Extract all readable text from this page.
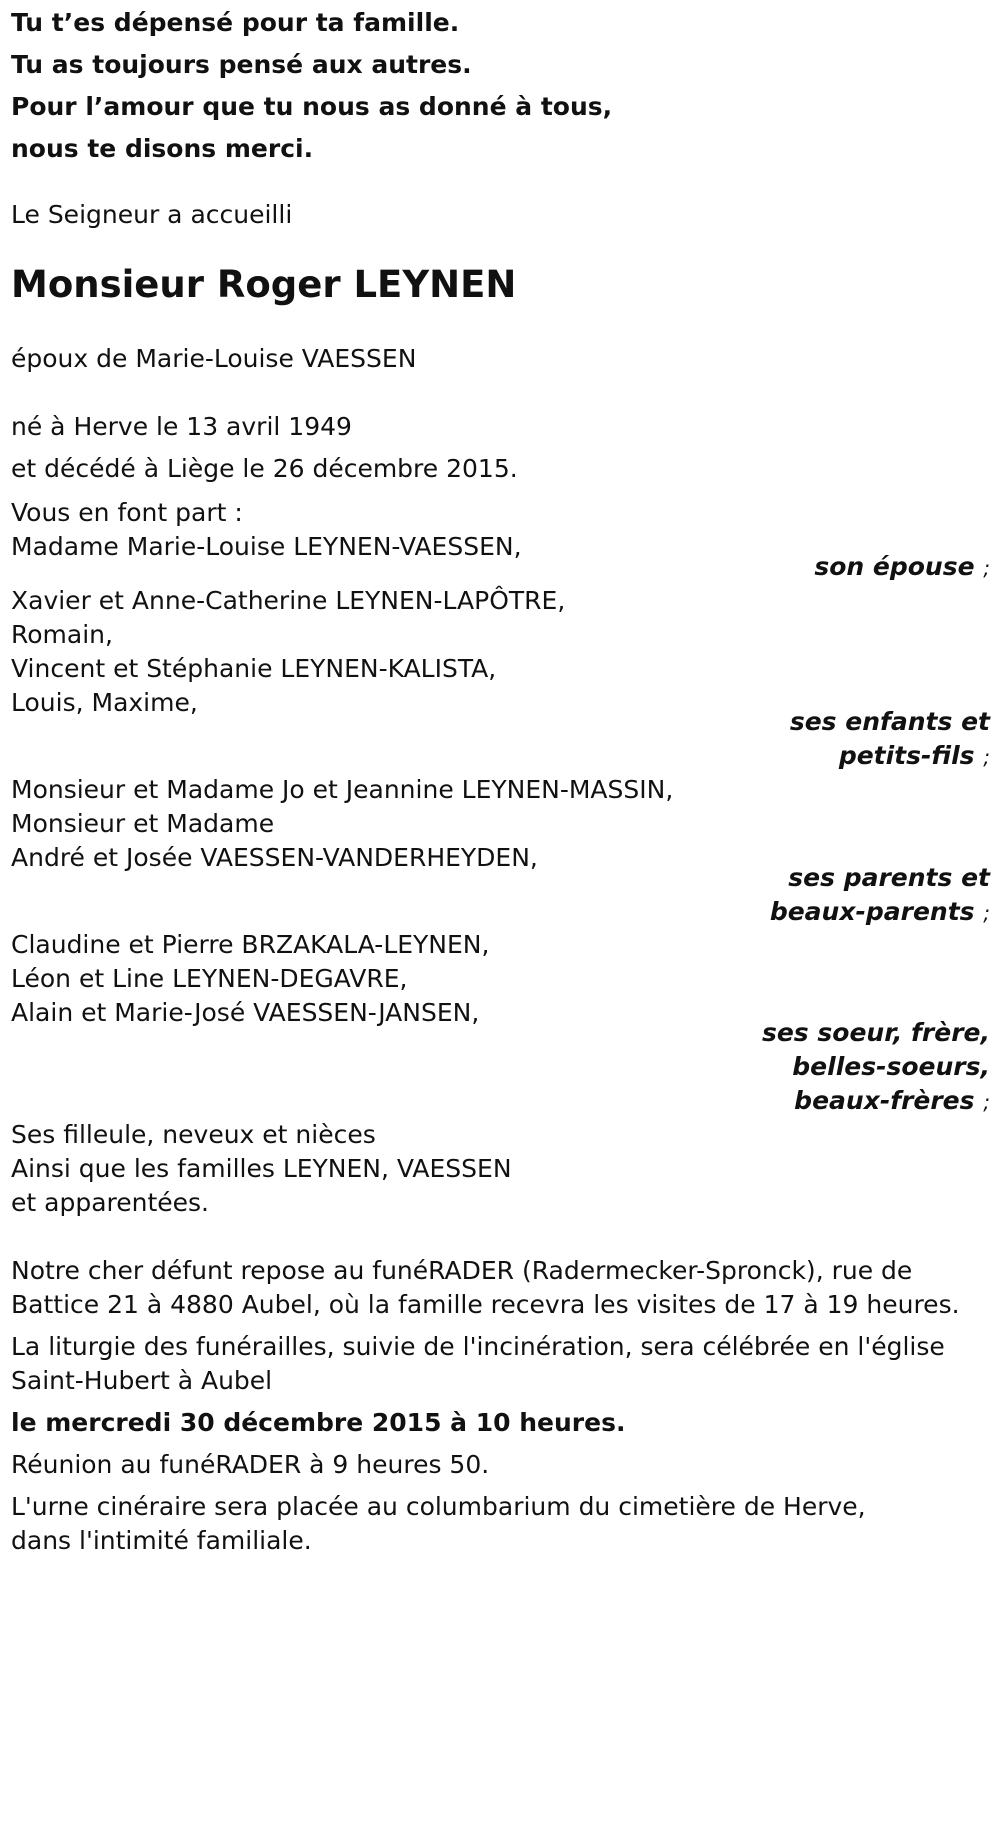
Tu t’es dépensé pour ta famille.
Tu as toujours pensé aux autres.
Pour l’amour que tu nous as donné à tous,
nous te disons merci.
Le Seigneur a accueilli
Monsieur Roger LEYNEN
époux de Marie-Louise VAESSEN
né à Herve le 13 avril 1949
et décédé à Liège le 26 décembre 2015.
Vous en font part :
Madame Marie-Louise LEYNEN-VAESSEN,
son épouse ;
Xavier et Anne-Catherine LEYNEN-LAPÔTRE,
Romain,
Vincent et Stéphanie LEYNEN-KALISTA,
Louis, Maxime,
ses enfants et
petits-fils ;
Monsieur et Madame Jo et Jeannine LEYNEN-MASSIN,
Monsieur et Madame
André et Josée VAESSEN-VANDERHEYDEN,
ses parents et
beaux-parents ;
Claudine et Pierre BRZAKALA-LEYNEN,
Léon et Line LEYNEN-DEGAVRE,
Alain et Marie-José VAESSEN-JANSEN,
ses soeur, frère,
belles-soeurs,
beaux-frères ;
Ses filleule, neveux et nièces
Ainsi que les familles LEYNEN, VAESSEN
et apparentées.
Notre cher défunt repose au funéRADER (Radermecker-Spronck), rue de
Battice 21 à 4880 Aubel, où la famille recevra les visites de 17 à 19 heures.
La liturgie des funérailles, suivie de l'incinération, sera célébrée en l'église
Saint-Hubert à Aubel
le mercredi 30 décembre 2015 à 10 heures.
Réunion au funéRADER à 9 heures 50.
L'urne cinéraire sera placée au columbarium du cimetière de Herve,
dans l'intimité familiale.
